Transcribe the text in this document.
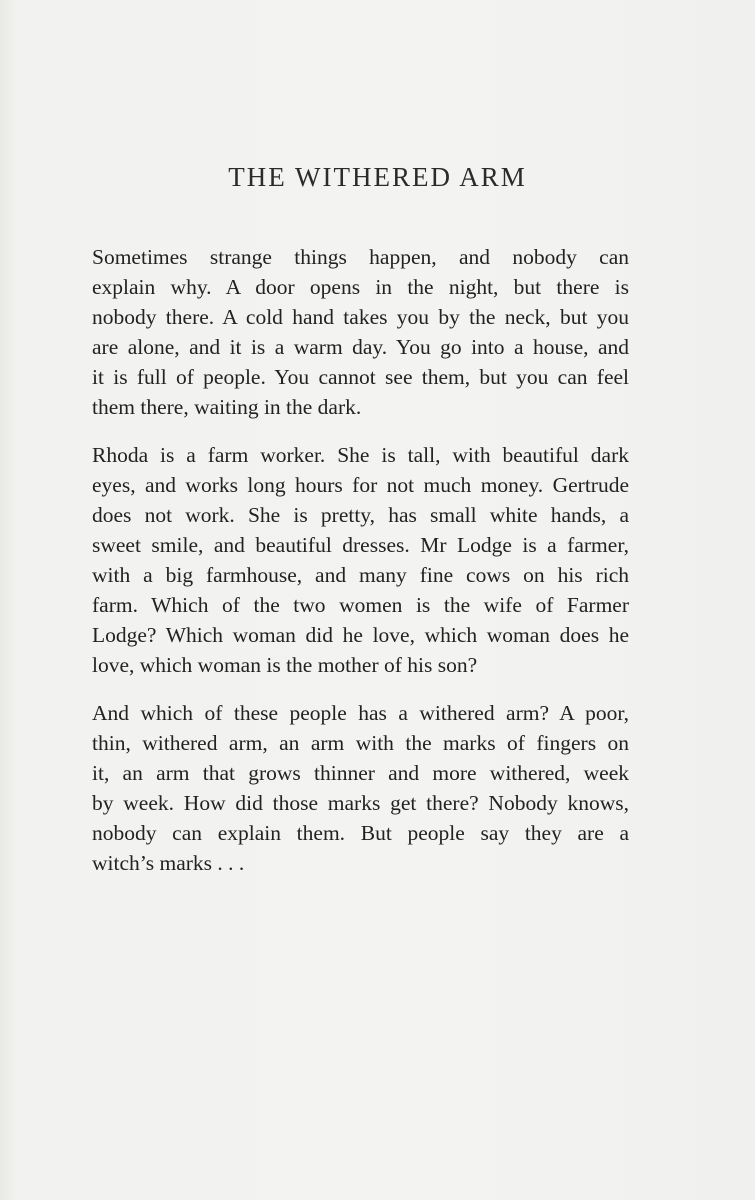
THE WITHERED ARM

Sometimes strange things happen, and nobody can
explain why. A door opens in the night, but there is
nobody there. A cold hand takes you by the neck, but you
are alone, and it is a warm day. You go into a house, and
it is full of people. You cannot see them, but you can feel
them there, waiting in the dark.

Rhoda is a farm worker. She is tall, with beautiful dark
eyes, and works long hours for not much money. Gertrude
does not work. She is pretty, has small white hands, a
sweet smile, and beautiful dresses. Mr Lodge is a farmer,
with a big farmhouse, and many fine cows on his rich
farm. Which of the two women is the wife of Farmer
Lodge? Which woman did he love, which woman does he
love, which woman is the mother of his son?

And which of these people has a withered arm? A poor,
thin, withered arm, an arm with the marks of fingers on
it, an arm that grows thinner and more withered, week
by week. How did those marks get there? Nobody knows,
nobody can explain them. But people say they are a
witch’s marks . . .
